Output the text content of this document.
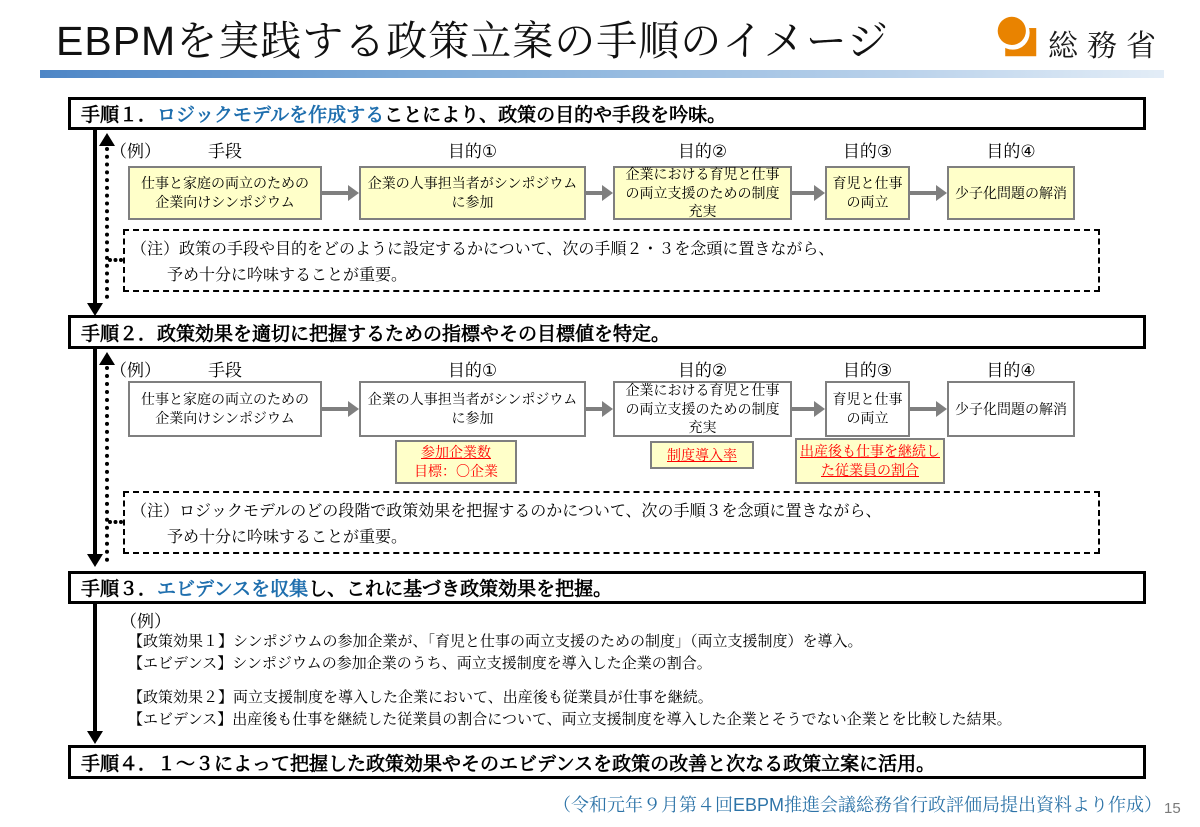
EBPMを実践する政策立案の手順のイメージ	総務省
手順１． ロジックモデルを作成する ことにより、政策の目的や手段を吟味。
（例）	手段	目的①	目的②	目的③	目的④
仕事と家庭の両立のための企業向けシンポジウム
企業の人事担当者がシンポジウムに参加
企業における育児と仕事の両立支援のための制度充実
育児と仕事の両立
少子化問題の解消
（注）政策の手段や目的をどのように設定するかについて、次の手順２・３を念頭に置きながら、
予め十分に吟味することが重要。
手順２． 政策効果を適切に把握するための指標やその目標値を特定。
（例）	手段	目的①	目的②	目的③	目的④
仕事と家庭の両立のための企業向けシンポジウム
企業の人事担当者がシンポジウムに参加
企業における育児と仕事の両立支援のための制度充実
育児と仕事の両立
少子化問題の解消
参加企業数
目標：〇企業
制度導入率	出産後も仕事を継続し
た従業員の割合
（注）ロジックモデルのどの段階で政策効果を把握するのかについて、次の手順３を念頭に置きながら、
予め十分に吟味することが重要。
手順３． エビデンスを収集 し、これに基づき政策効果を把握。
（例）
【政策効果１】シンポジウムの参加企業が、「育児と仕事の両立支援のための制度」（両立支援制度）を導入。
【エビデンス】シンポジウムの参加企業のうち、両立支援制度を導入した企業の割合。
【政策効果２】両立支援制度を導入した企業において、出産後も従業員が仕事を継続。
【エビデンス】出産後も仕事を継続した従業員の割合について、両立支援制度を導入した企業とそうでない企業とを比較した結果。
手順４． １～３によって把握した政策効果やそのエビデンスを政策の改善と次なる政策立案に活用。
（令和元年９月第４回EBPM推進会議総務省行政評価局提出資料より作成） 15
